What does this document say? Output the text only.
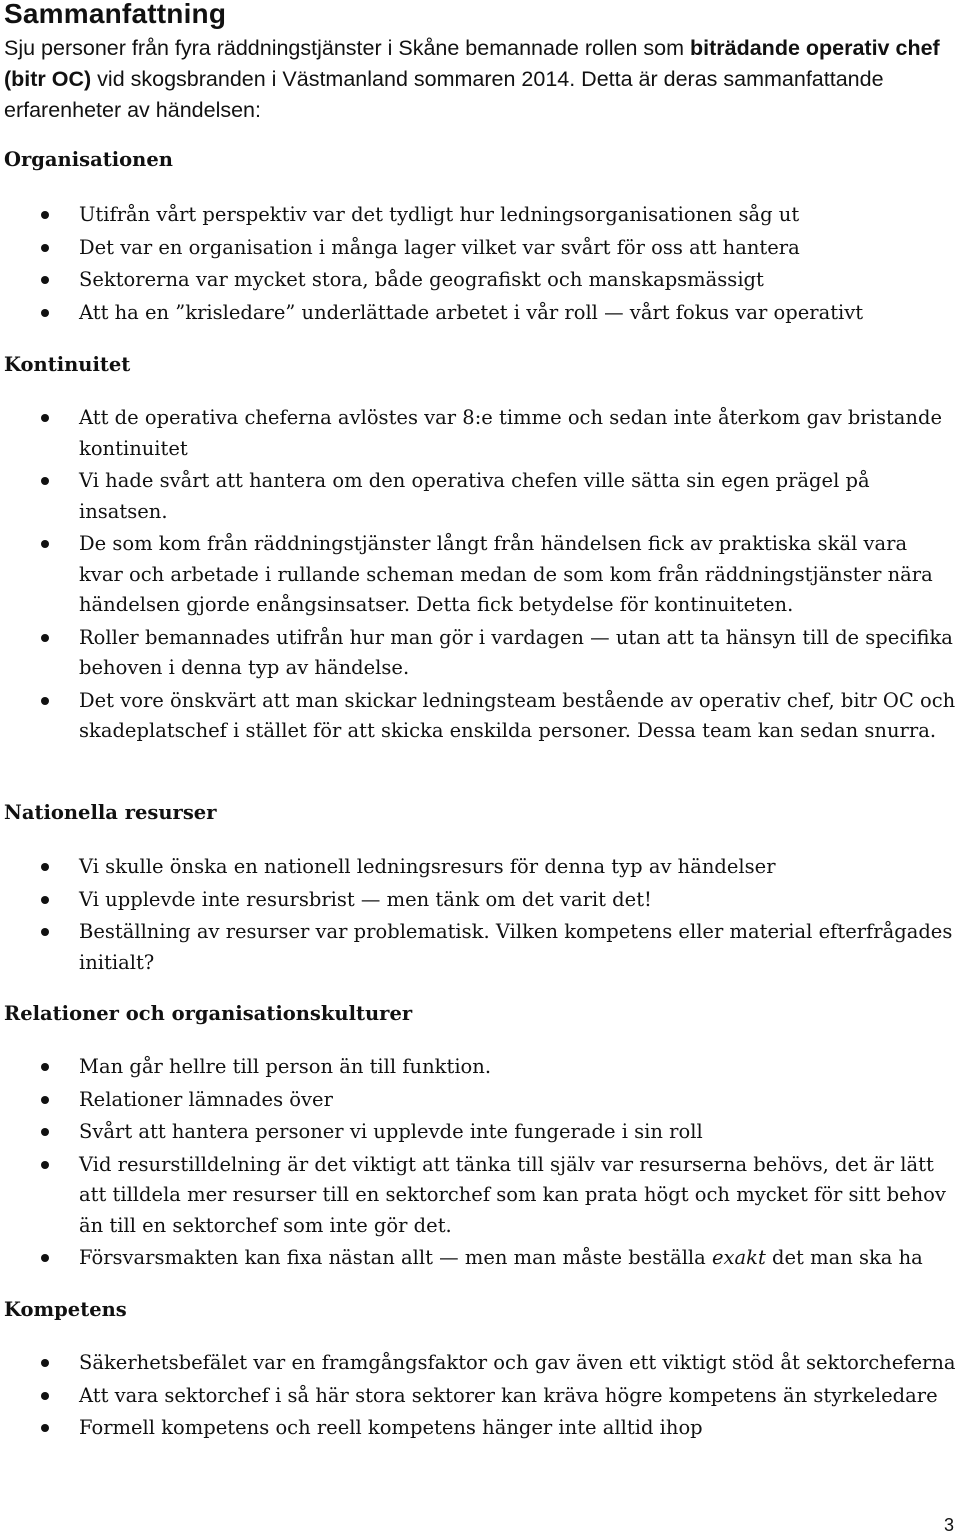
Sammanfattning

Sju personer från fyra räddningstjänster i Skåne bemannade rollen som biträdande operativ chef (bitr OC) vid skogsbranden i Västmanland sommaren 2014. Detta är deras sammanfattande erfarenheter av händelsen:

Organisationen
Utifrån vårt perspektiv var det tydligt hur ledningsorganisationen såg ut
Det var en organisation i många lager vilket var svårt för oss att hantera
Sektorerna var mycket stora, både geografiskt och manskapsmässigt
Att ha en ”krisledare” underlättade arbetet i vår roll — vårt fokus var operativt
Kontinuitet
Att de operativa cheferna avlöstes var 8:e timme och sedan inte återkom gav bristande kontinuitet
Vi hade svårt att hantera om den operativa chefen ville sätta sin egen prägel på insatsen.
De som kom från räddningstjänster långt från händelsen fick av praktiska skäl vara kvar och arbetade i rullande scheman medan de som kom från räddningstjänster nära händelsen gjorde enångsinsatser. Detta fick betydelse för kontinuiteten.
Roller bemannades utifrån hur man gör i vardagen — utan att ta hänsyn till de specifika behoven i denna typ av händelse.
Det vore önskvärt att man skickar ledningsteam bestående av operativ chef, bitr OC och skadeplatschef i stället för att skicka enskilda personer. Dessa team kan sedan snurra.
Nationella resurser
Vi skulle önska en nationell ledningsresurs för denna typ av händelser
Vi upplevde inte resursbrist — men tänk om det varit det!
Beställning av resurser var problematisk. Vilken kompetens eller material efterfrågades initialt?
Relationer och organisationskulturer
Man går hellre till person än till funktion.
Relationer lämnades över
Svårt att hantera personer vi upplevde inte fungerade i sin roll
Vid resurstilldelning är det viktigt att tänka till själv var resurserna behövs, det är lätt att tilldela mer resurser till en sektorchef som kan prata högt och mycket för sitt behov än till en sektorchef som inte gör det.
Försvarsmakten kan fixa nästan allt — men man måste beställa exakt det man ska ha
Kompetens
Säkerhetsbefälet var en framgångsfaktor och gav även ett viktigt stöd åt sektorcheferna
Att vara sektorchef i så här stora sektorer kan kräva högre kompetens än styrkeledare
Formell kompetens och reell kompetens hänger inte alltid ihop
3
